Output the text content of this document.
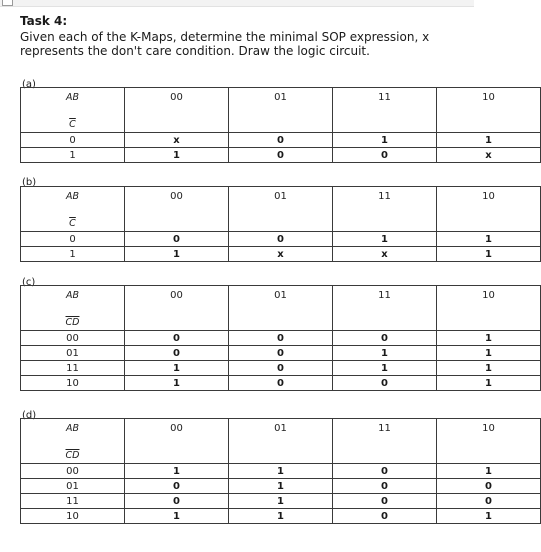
Task 4:
Given each of the K-Maps, determine the minimal SOP expression, x represents the don't care condition. Draw the logic circuit.
(a)
AB
$\overline{C}$	00	01	11	10
0	x	0	1	1
1	1	0	0	x
(b)
AB
$\overline{C}$	00	01	11	10
0	0	0	1	1
1	1	x	x	1
(c)
AB
$\overline{CD}$	00	01	11	10
00	0	0	0	1
01	0	0	1	1
11	1	0	1	1
10	1	0	0	1
(d)
AB
$\overline{CD}$	00	01	11	10
00	1	1	0	1
01	0	1	0	0
11	0	1	0	0
10	1	1	0	1
